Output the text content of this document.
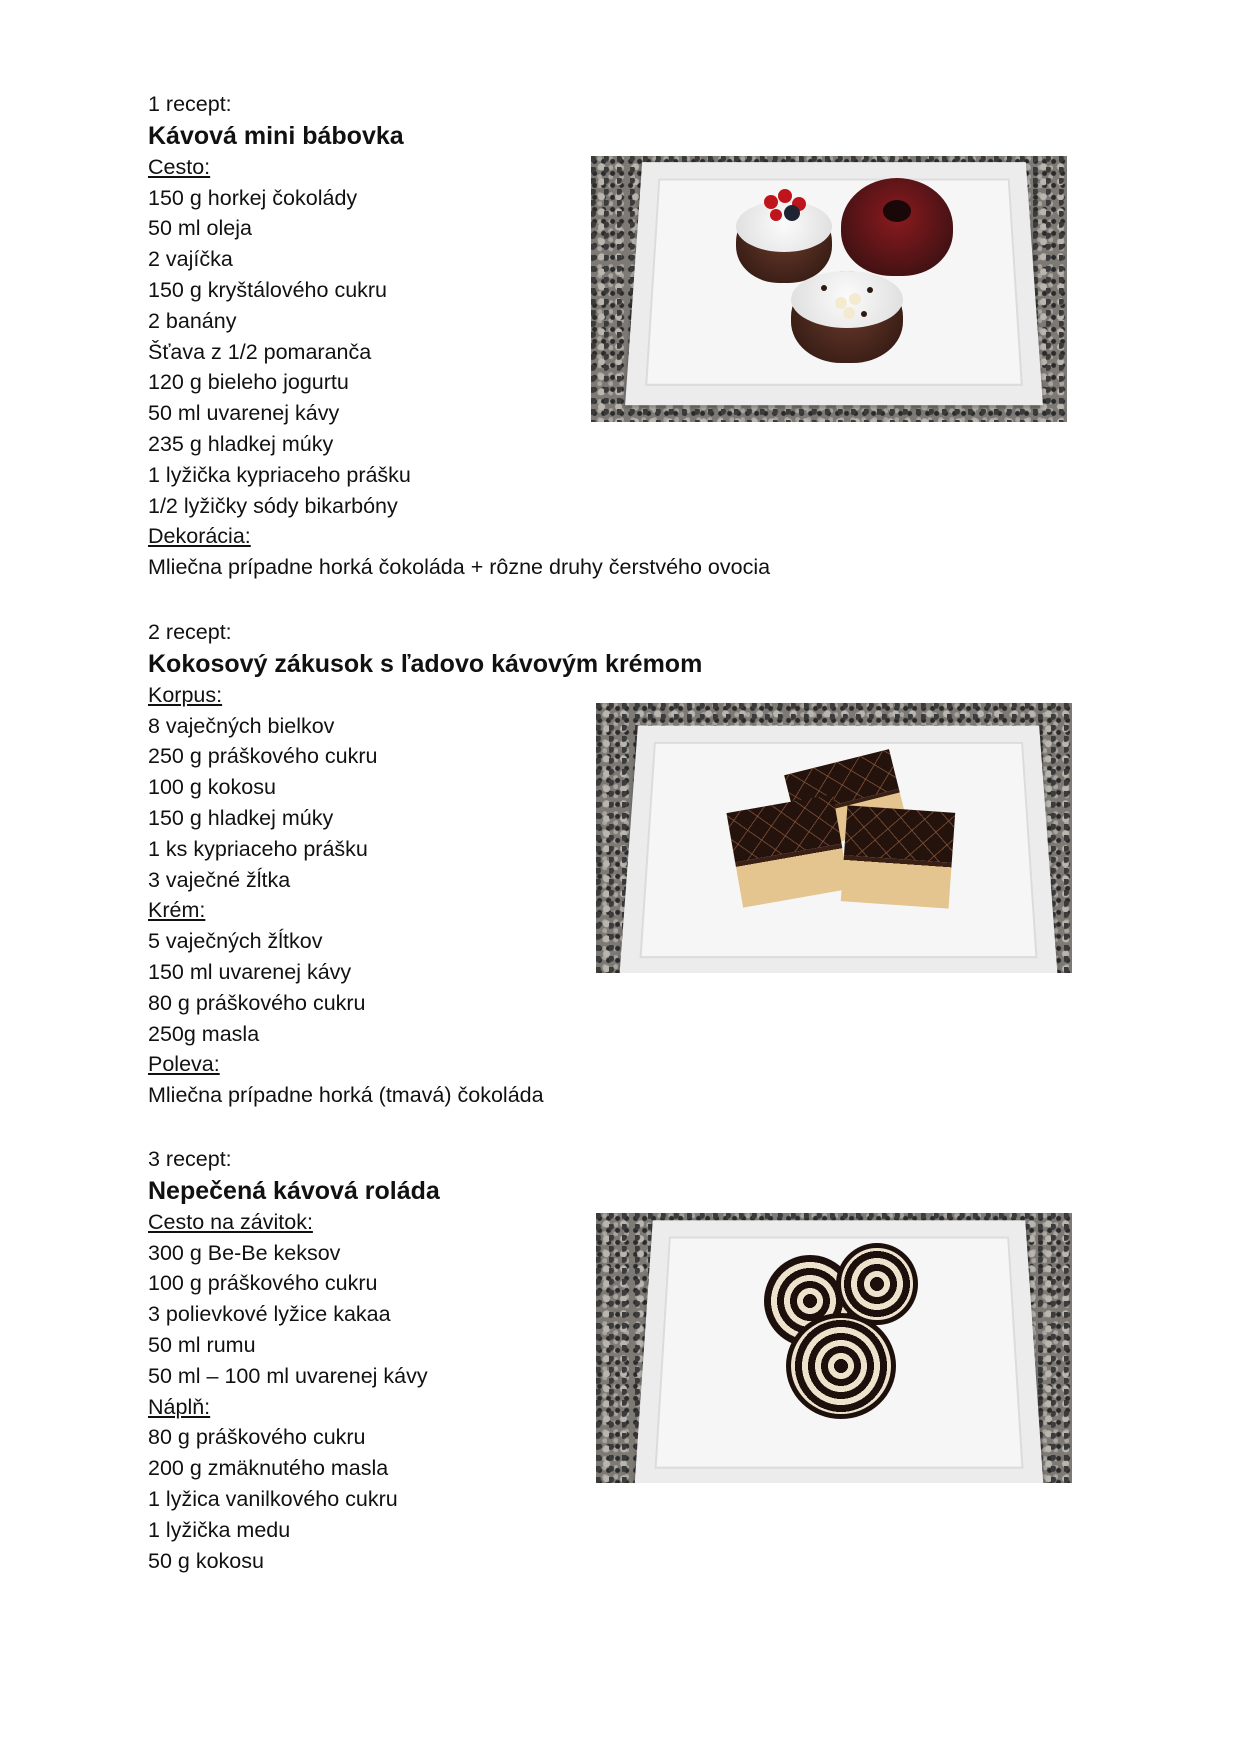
1 recept:
Kávová mini bábovka
Cesto:
150 g horkej čokolády
50 ml oleja
2 vajíčka
150 g kryštálového cukru
2 banány
Šťava z 1/2 pomaranča
120 g bieleho jogurtu
50 ml uvarenej kávy
235 g hladkej múky
1 lyžička kypriaceho prášku
1/2 lyžičky sódy bikarbóny
Dekorácia:
Mliečna prípadne horká čokoláda + rôzne druhy čerstvého ovocia
2 recept:
Kokosový zákusok s ľadovo kávovým krémom
Korpus:
8 vaječných bielkov
250 g práškového cukru
100 g kokosu
150 g hladkej múky
1 ks kypriaceho prášku
3 vaječné žĺtka
Krém:
5 vaječných žĺtkov
150 ml uvarenej kávy
80 g práškového cukru
250g masla
Poleva:
Mliečna prípadne horká (tmavá) čokoláda
3 recept:
Nepečená kávová roláda
Cesto na závitok:
300 g Be-Be keksov
100 g práškového cukru
3 polievkové lyžice kakaa
50 ml rumu
50 ml – 100 ml uvarenej kávy
Náplň:
80 g práškového cukru
200 g zmäknutého masla
1 lyžica vanilkového cukru
1 lyžička medu
50 g kokosu
